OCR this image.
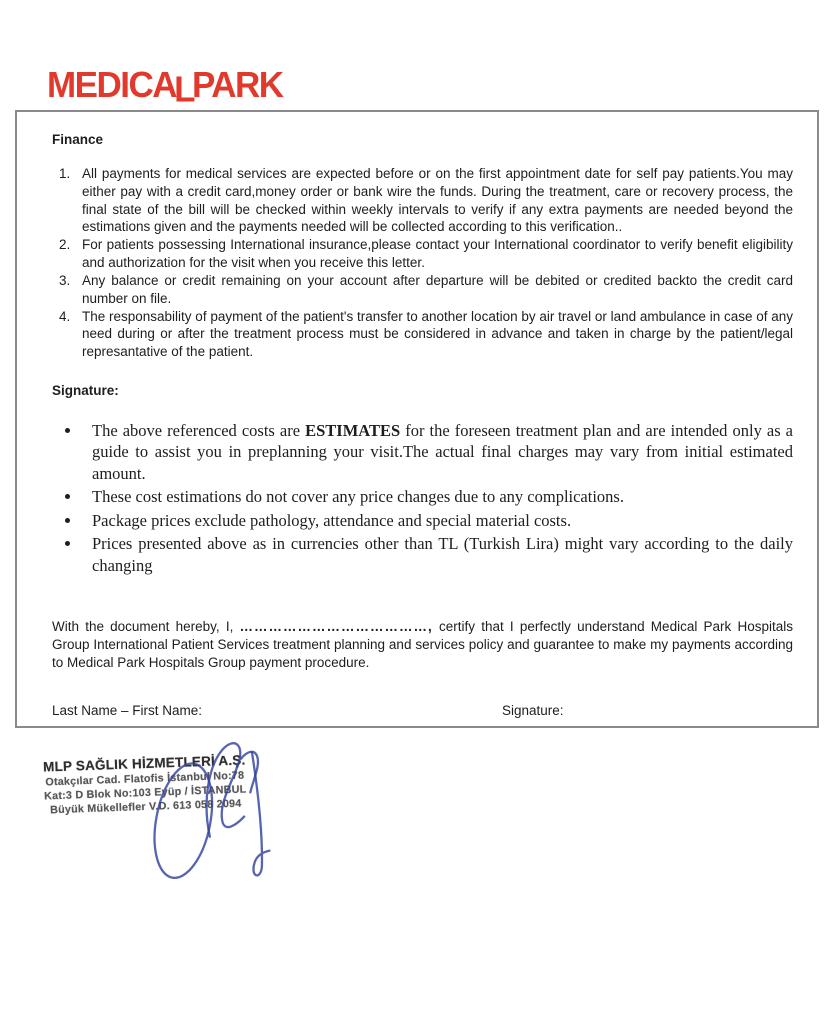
MEDICALPARK
Finance
1. All payments for medical services are expected before or on the first appointment date for self pay patients.You may either pay with a credit card,money order or bank wire the funds. During the treatment, care or recovery process, the final state of the bill will be checked within weekly intervals to verify if any extra payments are needed beyond the estimations given and the payments needed will be collected according to this verification..
2. For patients possessing International insurance,please contact your International coordinator to verify benefit eligibility and authorization for the visit when you receive this letter.
3. Any balance or credit remaining on your account after departure will be debited or credited backto the credit card number on file.
4. The responsability of payment of the patient's transfer to another location by air travel or land ambulance in case of any need during or after the treatment process must be considered in advance and taken in charge by the patient/legal represantative of the patient.
Signature:
• The above referenced costs are ESTIMATES for the foreseen treatment plan and are intended only as a guide to assist you in preplanning your visit.The actual final charges may vary from initial estimated amount.
• These cost estimations do not cover any price changes due to any complications.
• Package prices exclude pathology, attendance and special material costs.
• Prices presented above as in currencies other than TL (Turkish Lira) might vary according to the daily changing

With the document hereby, I, …………………………………, certify that I perfectly understand Medical Park Hospitals Group International Patient Services treatment planning and services policy and guarantee to make my payments according to Medical Park Hospitals Group payment procedure.

Last Name – First Name:	Signature:
MLP SAĞLIK HİZMETLERİ A.Ş.
Otakçılar Cad. Flatofis İstanbul No:78
Kat:3 D Blok No:103 Eyüp / İSTANBUL
Büyük Mükellefler V.D. 613 058 2094
